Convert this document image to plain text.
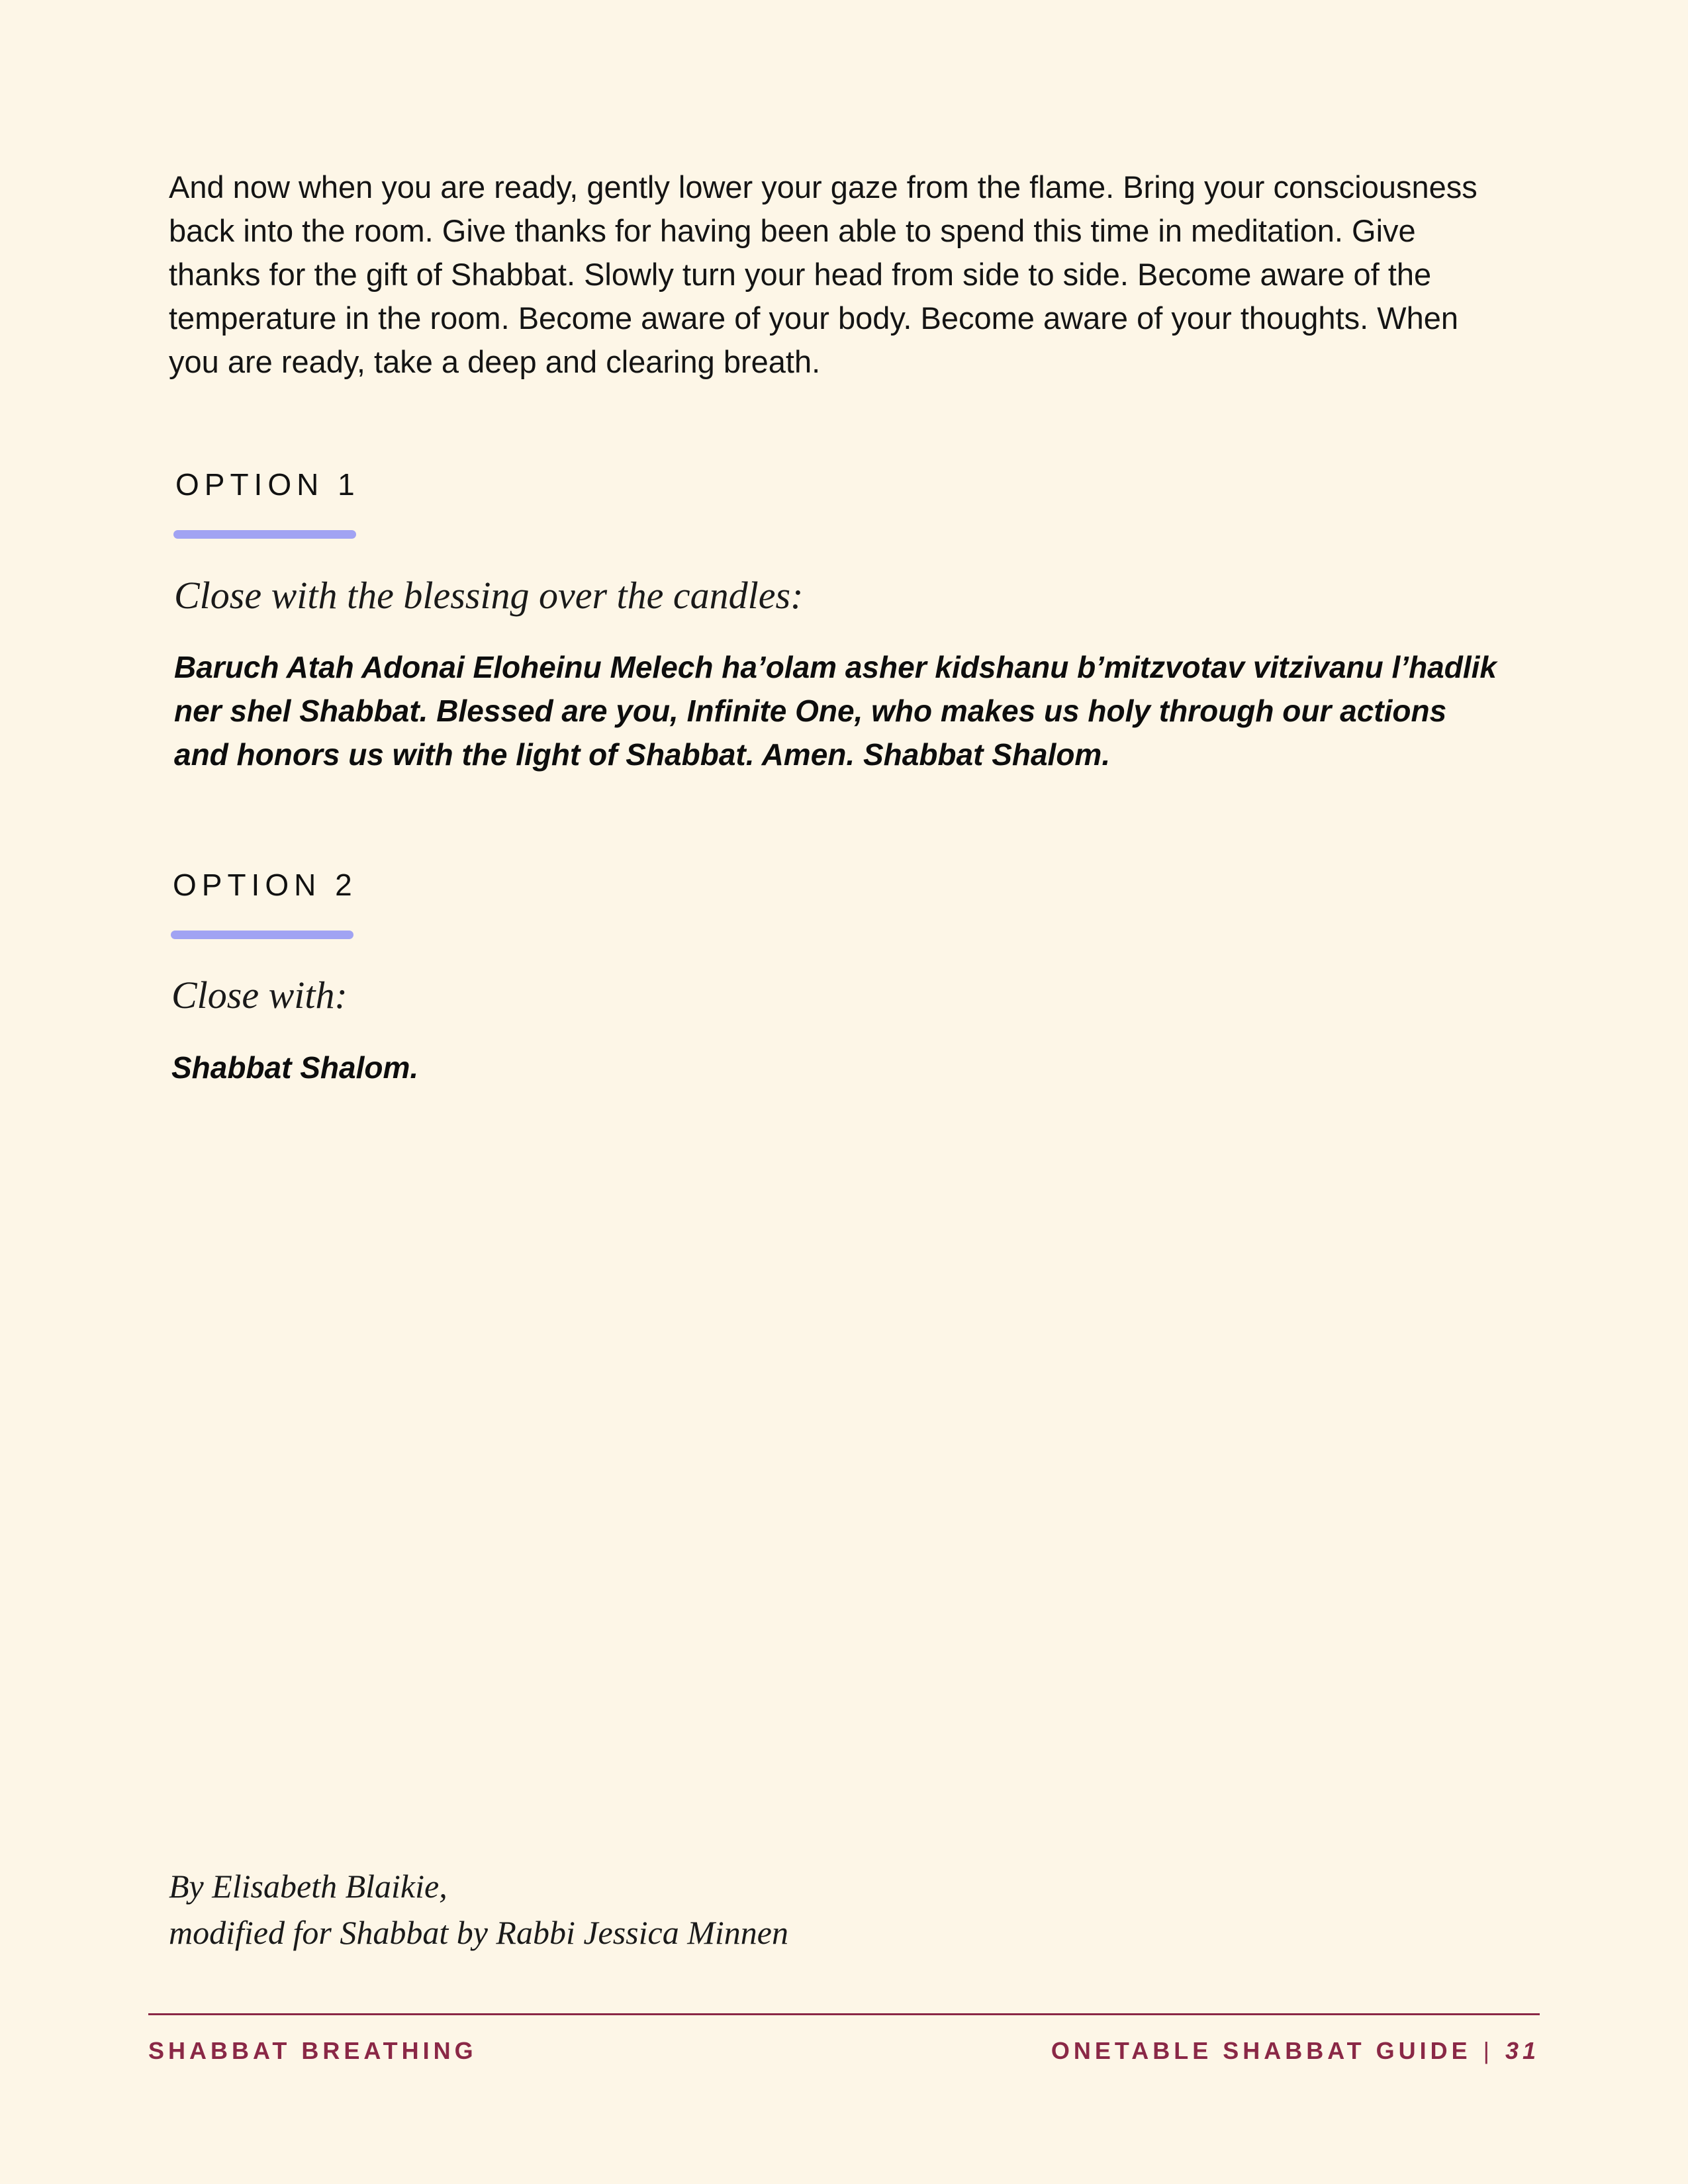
And now when you are ready, gently lower your gaze from the flame. Bring your consciousness back into the room. Give thanks for having been able to spend this time in meditation. Give thanks for the gift of Shabbat. Slowly turn your head from side to side. Become aware of the temperature in the room. Become aware of your body. Become aware of your thoughts. When you are ready, take a deep and clearing breath.

OPTION 1

Close with the blessing over the candles:

Baruch Atah Adonai Eloheinu Melech ha’olam asher kidshanu b’mitzvotav vitzivanu l’hadlik ner shel Shabbat. Blessed are you, Infinite One, who makes us holy through our actions and honors us with the light of Shabbat. Amen. Shabbat Shalom.

OPTION 2

Close with:

Shabbat Shalom.

By Elisabeth Blaikie,
modified for Shabbat by Rabbi Jessica Minnen

SHABBAT BREATHING	ONETABLE SHABBAT GUIDE | 31
